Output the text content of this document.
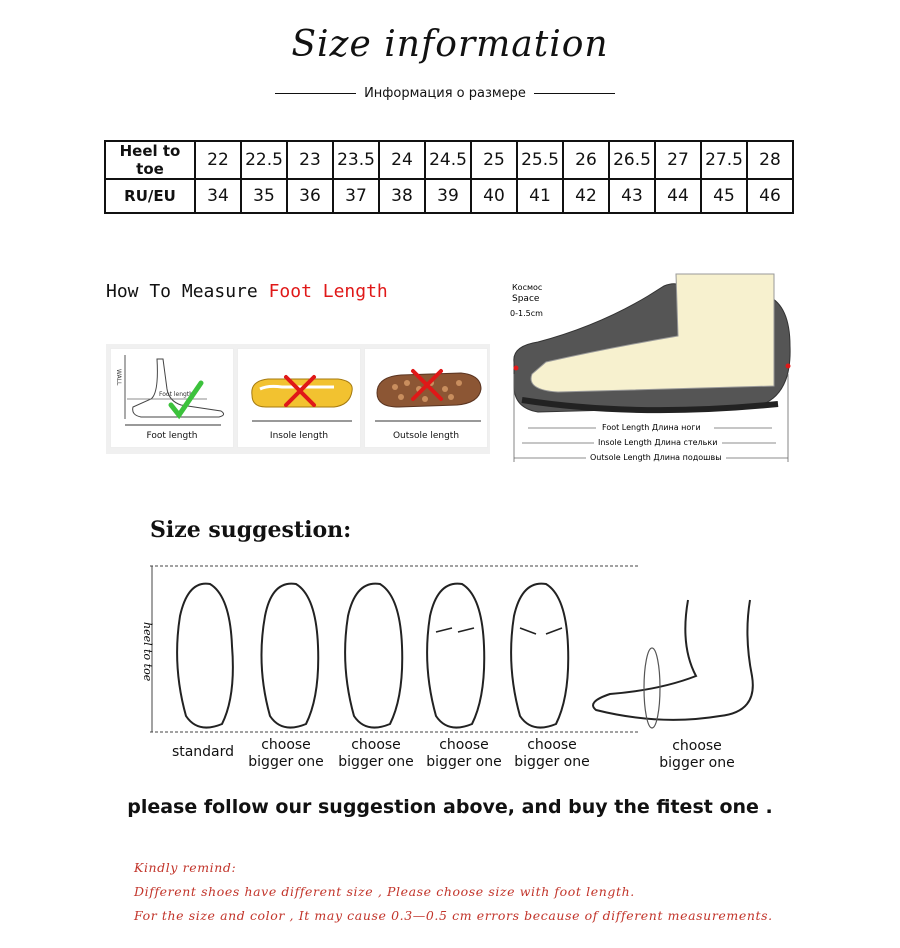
Size information
Информация о размере
Heel to toe	22	22.5	23	23.5	24	24.5	25	25.5	26	26.5	27	27.5	28
RU/EU	34	35	36	37	38	39	40	41	42	43	44	45	46
How To Measure Foot Length
WALL
Foot length
Foot length	Insole length	Outsole length
Космос
Space
0-1.5cm
Foot Length Длина ноги
Insole Length Длина стельки
Outsole Length Длина подошвы
Size suggestion:
heel to toe
standard	choose
bigger one
choose
bigger one
choose
bigger one
choose
bigger one
choose
bigger one
please follow our suggestion above, and buy the fitest one .
Kindly remind:
Different shoes have different size , Please choose size with foot length.
For the size and color , It may cause 0.3—0.5 cm errors because of different measurements.
